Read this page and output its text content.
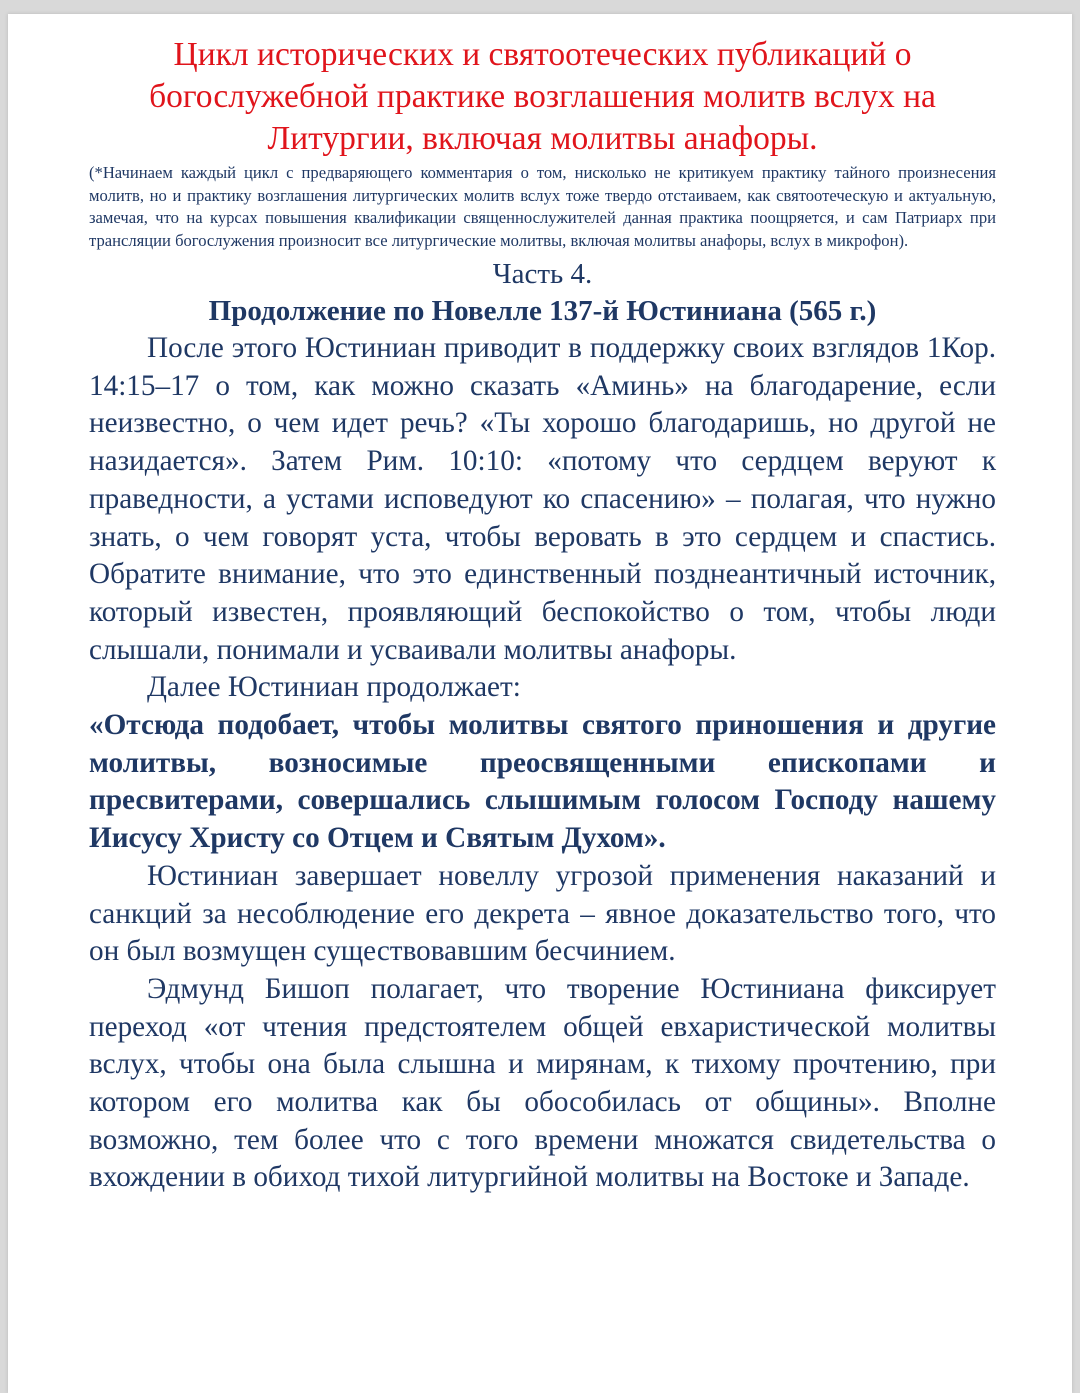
Цикл исторических и святоотеческих публикаций о богослужебной практике возглашения молитв вслух на Литургии, включая молитвы анафоры.

(*Начинаем каждый цикл с предваряющего комментария о том, нисколько не критикуем практику тайного произнесения молитв, но и практику возглашения литургических молитв вслух тоже твердо отстаиваем, как святоотеческую и актуальную, замечая, что на курсах повышения квалификации священнослужителей данная практика поощряется, и сам Патриарх при трансляции богослужения произносит все литургические молитвы, включая молитвы анафоры, вслух в микрофон).

Часть 4.

Продолжение по Новелле 137-й Юстиниана (565 г.)

После этого Юстиниан приводит в поддержку своих взглядов 1Кор. 14:15–17 о том, как можно сказать «Аминь» на благодарение, если неизвестно, о чем идет речь? «Ты хорошо благодаришь, но другой не назидается». Затем Рим. 10:10: «потому что сердцем веруют к праведности, а устами исповедуют ко спасению» – полагая, что нужно знать, о чем говорят уста, чтобы веровать в это сердцем и спастись. Обратите внимание, что это единственный позднеантичный источник, который известен, проявляющий беспокойство о том, чтобы люди слышали, понимали и усваивали молитвы анафоры.

Далее Юстиниан продолжает:

«Отсюда подобает, чтобы молитвы святого приношения и другие молитвы, возносимые преосвященными епископами и пресвитерами, совершались слышимым голосом Господу нашему Иисусу Христу со Отцем и Святым Духом».

Юстиниан завершает новеллу угрозой применения наказаний и санкций за несоблюдение его декрета – явное доказательство того, что он был возмущен существовавшим бесчинием.

Эдмунд Бишоп полагает, что творение Юстиниана фиксирует переход «от чтения предстоятелем общей евхаристической молитвы вслух, чтобы она была слышна и мирянам, к тихому прочтению, при котором его молитва как бы обособилась от общины». Вполне возможно, тем более что с того времени множатся свидетельства о вхождении в обиход тихой литургийной молитвы на Востоке и Западе.
